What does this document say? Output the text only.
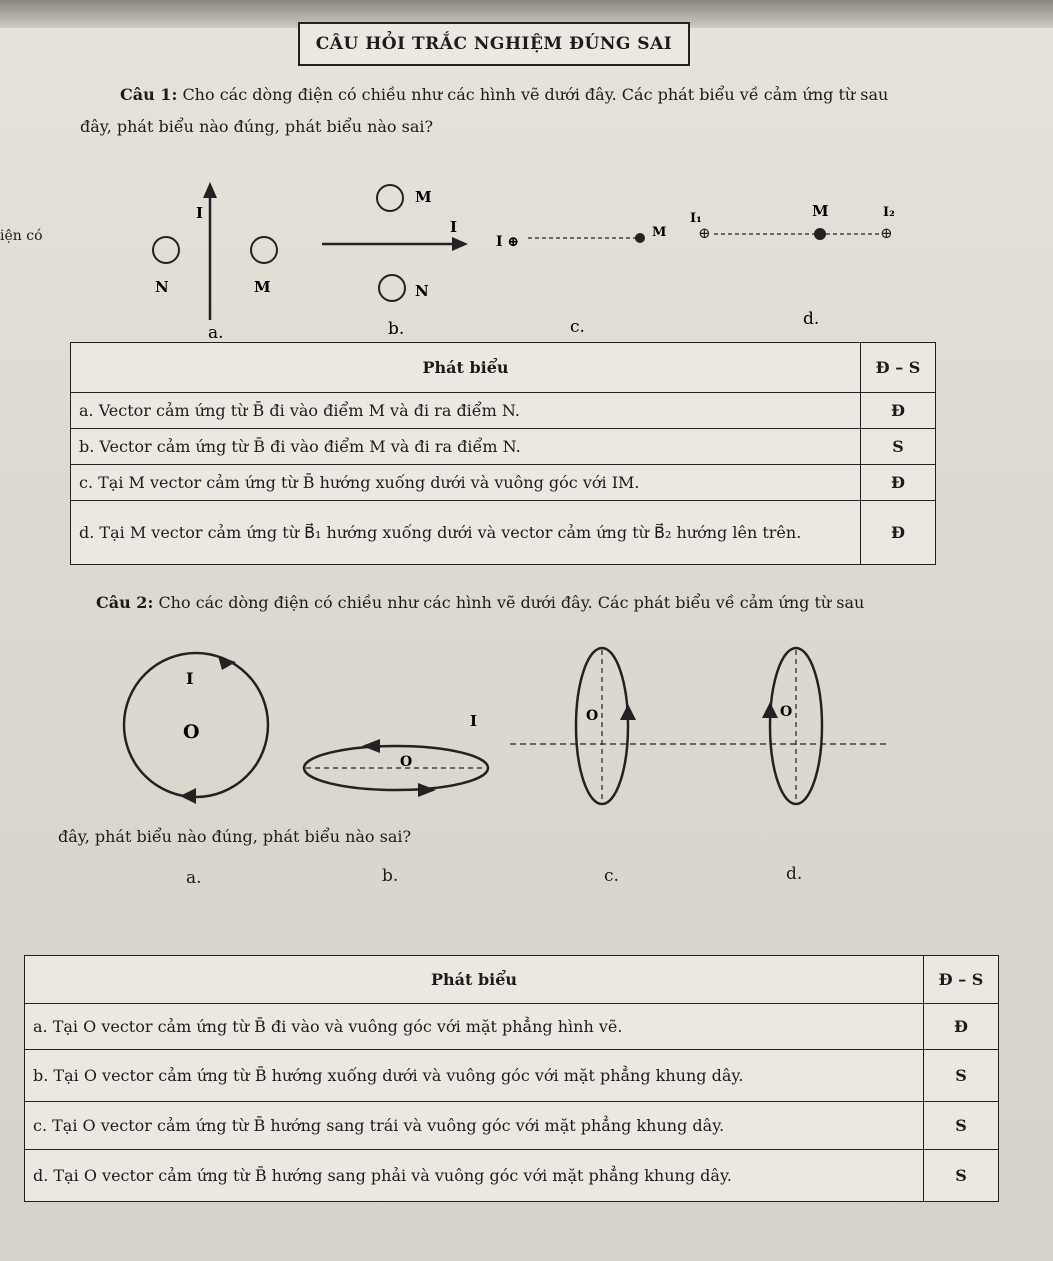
CÂU HỎI TRẮC NGHIỆM ĐÚNG SAI
iện có
Câu 1: Cho các dòng điện có chiều như các hình vẽ dưới đây. Các phát biểu về cảm ứng từ sau
đây, phát biểu nào đúng, phát biểu nào sai?
I
N	M
a.
M
I
N
b.
I ⊕
M
c.
I₁
⊕	⊕
M	I₂
d.
Phát biểu	Đ – S
a. Vector cảm ứng từ B̄ đi vào điểm M và đi ra điểm N.	Đ
b. Vector cảm ứng từ B̄ đi vào điểm M và đi ra điểm N.	S
c. Tại M vector cảm ứng từ B̄ hướng xuống dưới và vuông góc với IM.	Đ
d. Tại M vector cảm ứng từ B⃗₁ hướng xuống dưới và vector cảm ứng từ B⃗₂ hướng lên trên.	Đ
Câu 2: Cho các dòng điện có chiều như các hình vẽ dưới đây. Các phát biểu về cảm ứng từ sau
I
O	I
O
O	O
đây, phát biểu nào đúng, phát biểu nào sai?
a.	b.	c.	d.
Phát biểu	Đ – S
a. Tại O vector cảm ứng từ B̄ đi vào và vuông góc với mặt phẳng hình vẽ.	Đ
b. Tại O vector cảm ứng từ B̄ hướng xuống dưới và vuông góc với mặt phẳng khung dây.	S
c. Tại O vector cảm ứng từ B̄ hướng sang trái và vuông góc với mặt phẳng khung dây.	S
d. Tại O vector cảm ứng từ B̄ hướng sang phải và vuông góc với mặt phẳng khung dây.	S
